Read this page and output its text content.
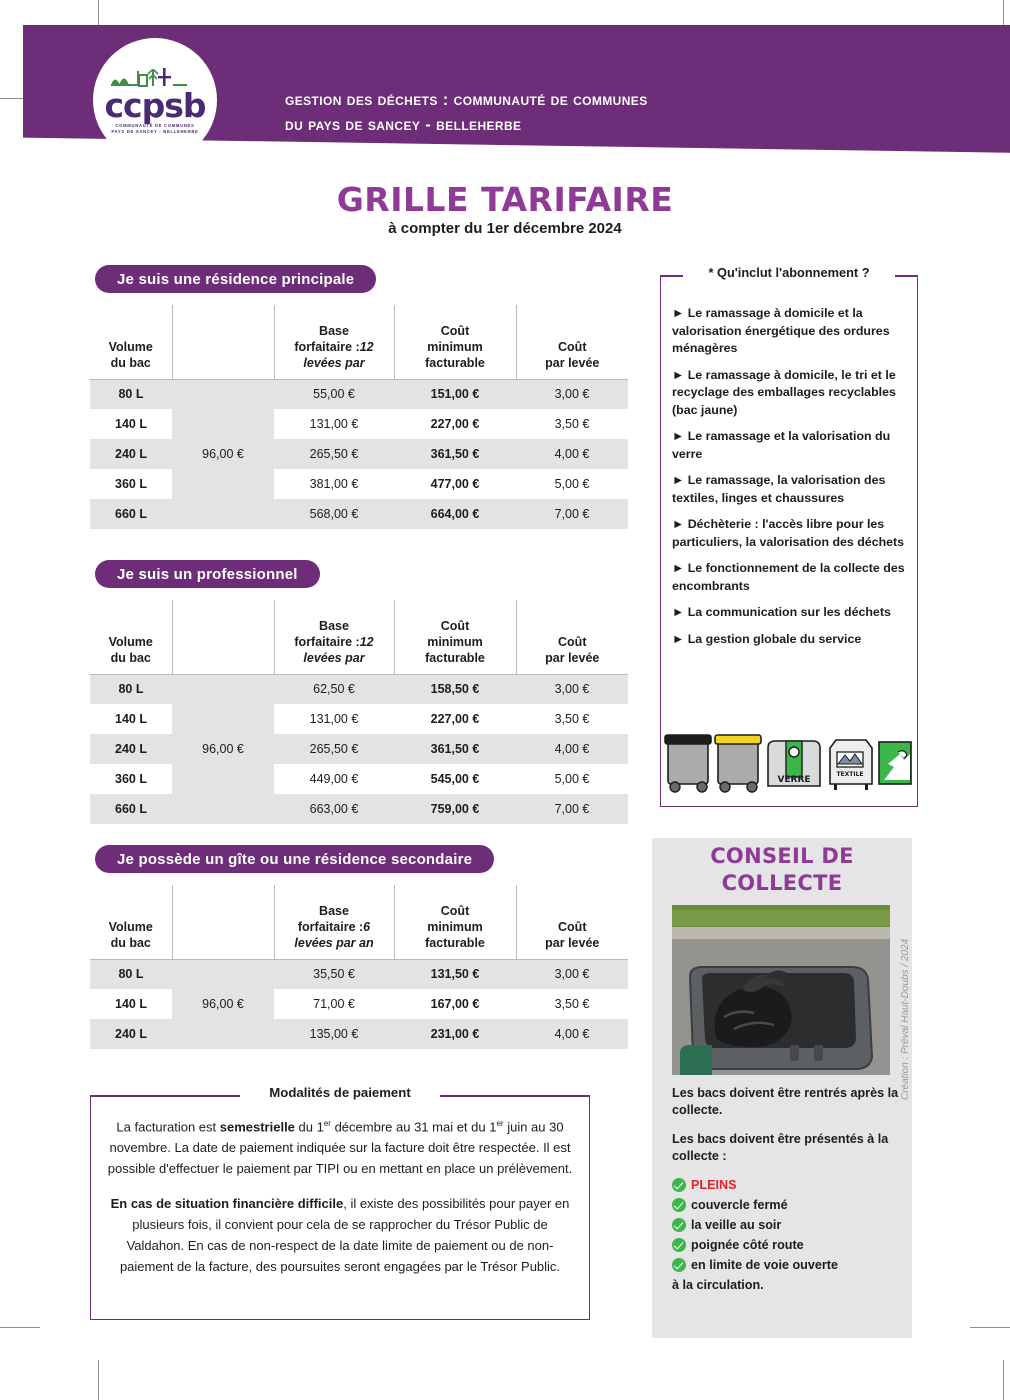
ccpsb
COMMUNAUTÉ DE COMMUNES
PAYS DE SANCEY - BELLEHERBE
gestion des déchets : communauté de communes
du pays de sancey - belleherbe
GRILLE TARIFAIRE
à compter du 1er décembre 2024
Je suis une résidence principale
Volume
du bac		Base
forfaitaire :12 levées par	Coût
minimum
facturable	Coût
par levée
80 L	96,00 €	55,00 €	151,00 €	3,00 €
140 L		131,00 €	227,00 €	3,50 €
240 L		265,50 €	361,50 €	4,00 €
360 L		381,00 €	477,00 €	5,00 €
660 L		568,00 €	664,00 €	7,00 €
Je suis un professionnel
Volume
du bac		Base
forfaitaire :12 levées par	Coût
minimum
facturable	Coût
par levée
80 L	96,00 €	62,50 €	158,50 €	3,00 €
140 L		131,00 €	227,00 €	3,50 €
240 L		265,50 €	361,50 €	4,00 €
360 L		449,00 €	545,00 €	5,00 €
660 L		663,00 €	759,00 €	7,00 €
Je possède un gîte ou une résidence secondaire
Volume
du bac		Base
forfaitaire :6 levées par an	Coût
minimum
facturable	Coût
par levée
80 L	96,00 €	35,50 €	131,50 €	3,00 €
140 L		71,00 €	167,00 €	3,50 €
240 L		135,00 €	231,00 €	4,00 €
* Qu'inclut l'abonnement ?
► Le ramassage à domicile et la valorisation énergétique des ordures ménagères
► Le ramassage à domicile, le tri et le recyclage des emballages recyclables (bac jaune)
► Le ramassage et la valorisation du verre
► Le ramassage, la valorisation des textiles, linges et chaussures
► Déchèterie : l'accès libre pour les particuliers, la valorisation des déchets
► Le fonctionnement de la collecte des encombrants
► La communication sur les déchets
► La gestion globale du service
VERRE
TEXTILE
CONSEIL DE
COLLECTE

Les bacs doivent être rentrés après la collecte.

Les bacs doivent être présentés à la collecte :

PLEINS
couvercle fermé
la veille au soir
poignée côté route
en limite de voie ouverte
à la circulation.
Modalités de paiement

La facturation est semestrielle du 1er décembre au 31 mai et du 1er juin au 30 novembre. La date de paiement indiquée sur la facture doit être respectée. Il est possible d'effectuer le paiement par TIPI ou en mettant en place un prélèvement.

En cas de situation financière difficile, il existe des possibilités pour payer en plusieurs fois, il convient pour cela de se rapprocher du Trésor Public de Valdahon. En cas de non-respect de la date limite de paiement ou de non-paiement de la facture, des poursuites seront engagées par le Trésor Public.

Création : Préval Haut-Doubs / 2024
